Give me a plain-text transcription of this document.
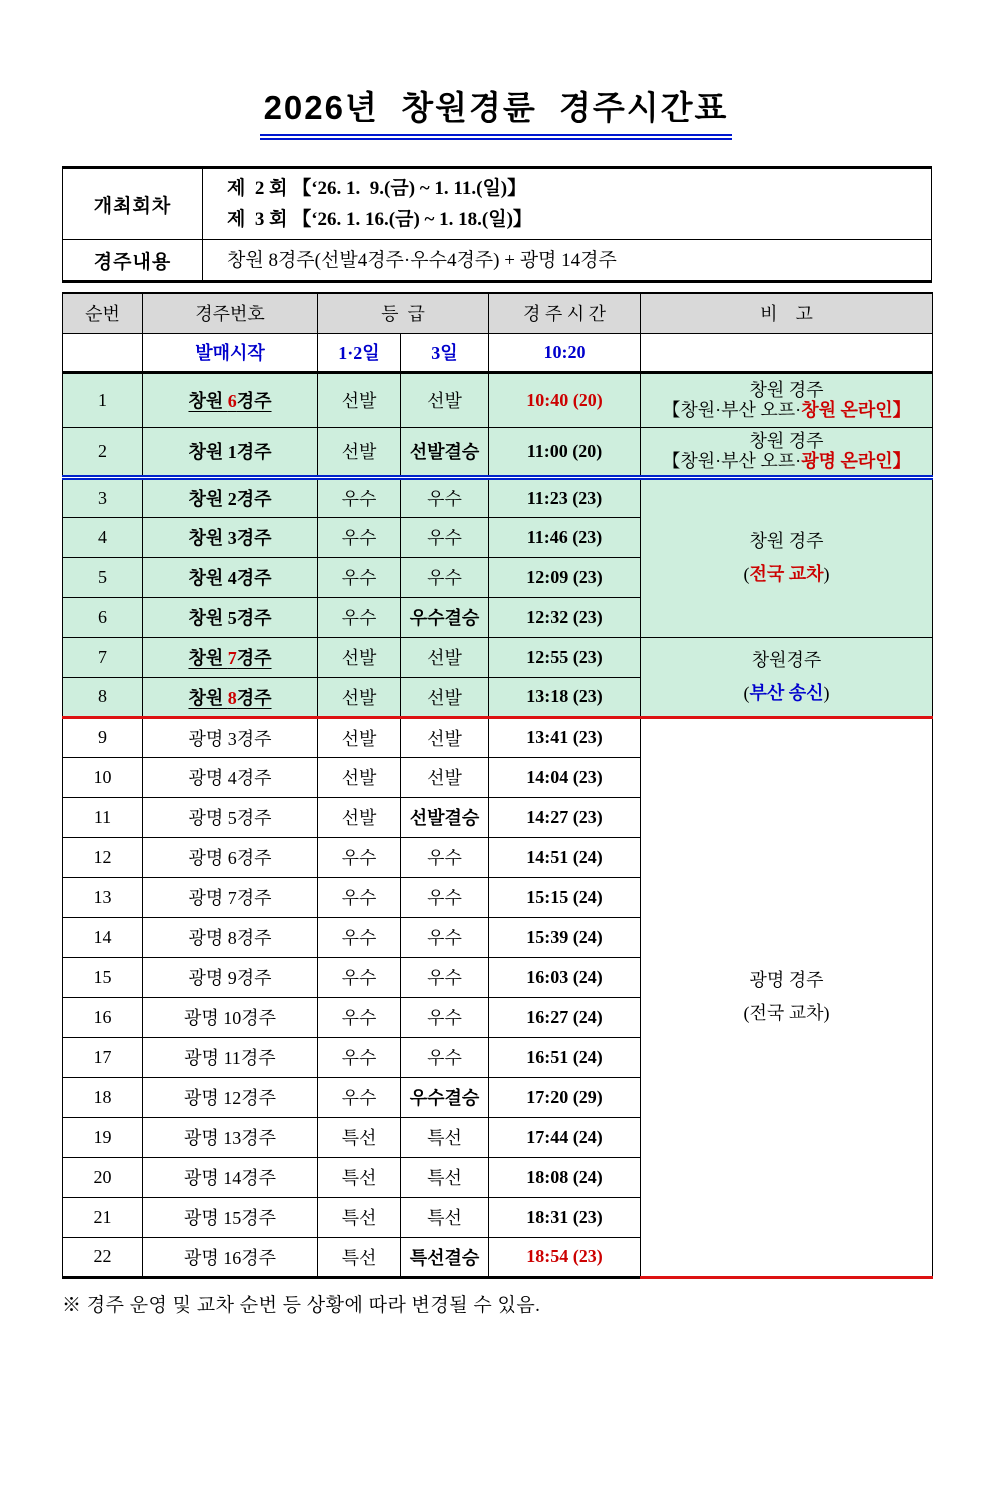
2026년  창원경륜  경주시간표
개최회차	제  2 회 【‘26. 1.  9.(금) ~ 1. 11.(일)】
제  3 회 【‘26. 1. 16.(금) ~ 1. 18.(일)】

경주내용	창원 8경주(선발4경주·우수4경주) + 광명 14경주
순번	경주번호	등  급		경 주 시 간	비    고
	발매시작	1·2일	3일	10:20	
1	창원 6경주	선발	선발	10:40 (20)	창원 경주
【창원·부산 오프·창원 온라인】

2	창원 1경주	선발	선발결승	11:00 (20)	창원 경주
【창원·부산 오프·광명 온라인】

3	창원 2경주	우수	우수	11:23 (23)	창원 경주
(전국 교차)

4	창원 3경주	우수	우수	11:46 (23)	
5	창원 4경주	우수	우수	12:09 (23)	
6	창원 5경주	우수	우수결승	12:32 (23)	
7	창원 7경주	선발	선발	12:55 (23)	창원경주
(부산 송신)

8	창원 8경주	선발	선발	13:18 (23)	
9	광명 3경주	선발	선발	13:41 (23)	광명 경주
(전국 교차)

10	광명 4경주	선발	선발	14:04 (23)	
11	광명 5경주	선발	선발결승	14:27 (23)	
12	광명 6경주	우수	우수	14:51 (24)	
13	광명 7경주	우수	우수	15:15 (24)	
14	광명 8경주	우수	우수	15:39 (24)	
15	광명 9경주	우수	우수	16:03 (24)	
16	광명 10경주	우수	우수	16:27 (24)	
17	광명 11경주	우수	우수	16:51 (24)	
18	광명 12경주	우수	우수결승	17:20 (29)	
19	광명 13경주	특선	특선	17:44 (24)	
20	광명 14경주	특선	특선	18:08 (24)	
21	광명 15경주	특선	특선	18:31 (23)	
22	광명 16경주	특선	특선결승	18:54 (23)	
※ 경주 운영 및 교차 순번 등 상황에 따라 변경될 수 있음.
